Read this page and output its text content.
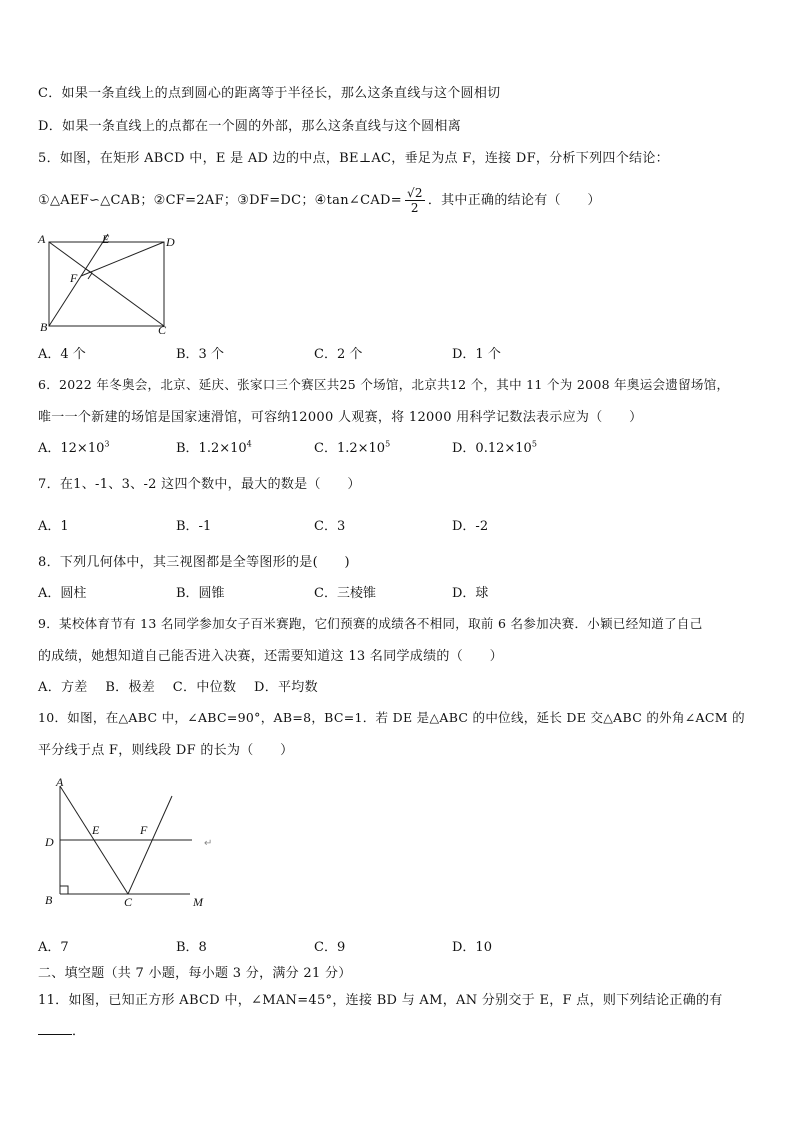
C．如果一条直线上的点到圆心的距离等于半径长，那么这条直线与这个圆相切
D．如果一条直线上的点都在一个圆的外部，那么这条直线与这个圆相离
5．如图，在矩形 ABCD 中，E 是 AD 边的中点，BE⊥AC，垂足为点 F，连接 DF，分析下列四个结论：
①△AEF∽△CAB；②CF=2AF；③DF=DC；④tan∠CAD= $\frac{√2}{2}$ ．其中正确的结论有（　　）
A	E	D
F
B	C
A．4 个	B．3 个	C．2 个	D．1 个
6．2022 年冬奥会，北京、延庆、张家口三个赛区共25 个场馆，北京共12 个，其中 11 个为 2008 年奥运会遗留场馆，
唯一一个新建的场馆是国家速滑馆，可容纳12000 人观赛，将 12000 用科学记数法表示应为（　　）
A．$12\times 10^3$	B．$1.2\times 10^4$	C．$1.2\times 10^5$	D．$0.12\times 10^5$
7．在1、-1、3、-2 这四个数中，最大的数是（　　）
A．1	B．-1	C．3	D．-2
8．下列几何体中，其三视图都是全等图形的是(　　)
A．圆柱	B．圆锥	C．三棱锥	D．球
9．某校体育节有 13 名同学参加女子百米赛跑，它们预赛的成绩各不相同，取前 6 名参加决赛．小颖已经知道了自己
的成绩，她想知道自己能否进入决赛，还需要知道这 13 名同学成绩的（　　）
A．方差　 B．极差　 C．中位数　 D．平均数
10．如图，在△ABC 中，∠ABC=90°，AB=8，BC=1．若 DE 是△ABC 的中位线，延长 DE 交△ABC 的外角∠ACM 的
平分线于点 F，则线段 DF 的长为（　　）
A
E	F
D
B	C	M
↵
A．7	B．8	C．9	D．10
二、填空题（共 7 小题，每小题 3 分，满分 21 分）
11．如图，已知正方形 ABCD 中，∠MAN=45°，连接 BD 与 AM，AN 分别交于 E，F 点，则下列结论正确的有
．
